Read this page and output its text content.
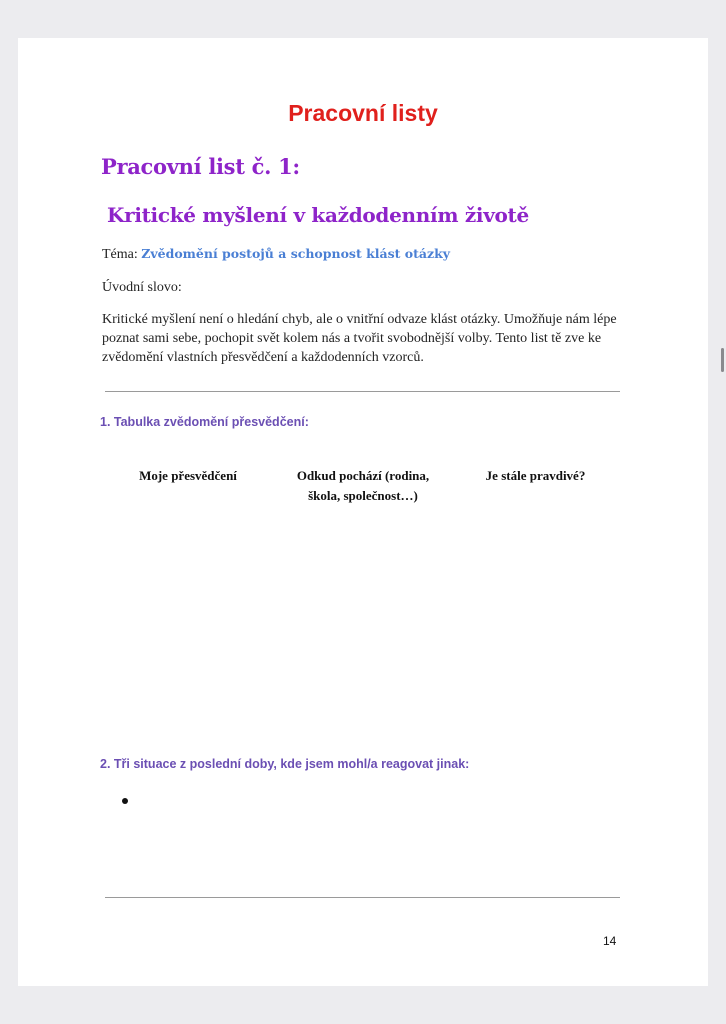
Pracovní listy
Pracovní list č. 1:
Kritické myšlení v každodenním životě
Téma: Zvědomění postojů a schopnost klást otázky
Úvodní slovo:
Kritické myšlení není o hledání chyb, ale o vnitřní odvaze klást otázky. Umožňuje nám lépe poznat sami sebe, pochopit svět kolem nás a tvořit svobodnější volby. Tento list tě zve ke zvědomění vlastních přesvědčení a každodenních vzorců.
1. Tabulka zvědomění přesvědčení:
Moje přesvědčení	Odkud pochází (rodina, škola, společnost…)
Je stále pravdivé?
2. Tři situace z poslední doby, kde jsem mohl/a reagovat jinak:
14
